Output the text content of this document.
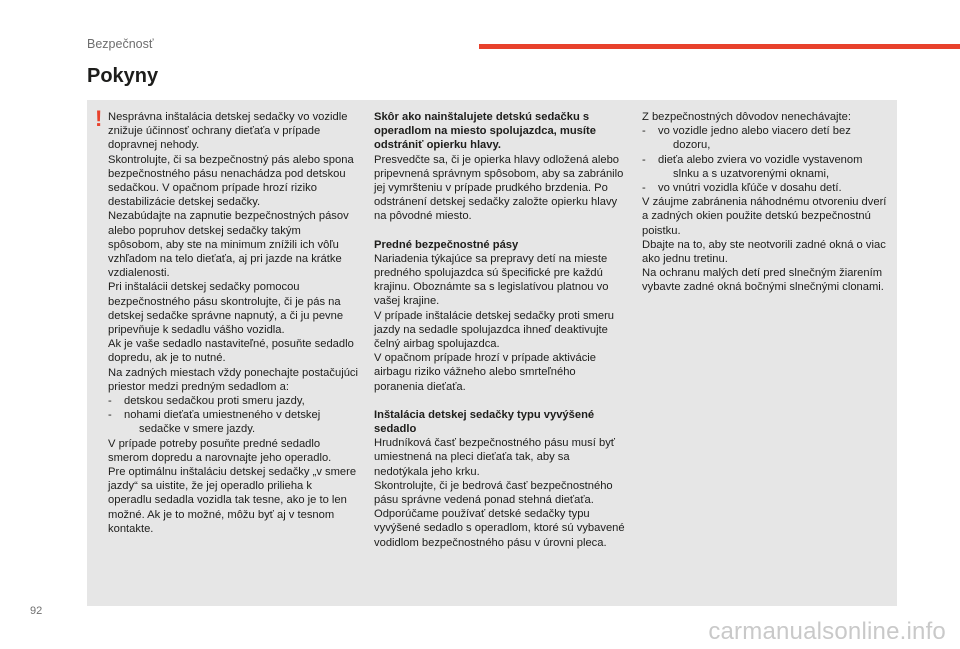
Bezpečnosť
Pokyny
! Nesprávna inštalácia detskej sedačky vo vozidle znižuje účinnosť ochrany dieťaťa v prípade dopravnej nehody.

Skontrolujte, či sa bezpečnostný pás alebo spona bezpečnostného pásu nenachádza pod detskou sedačkou. V opačnom prípade hrozí riziko destabilizácie detskej sedačky.

Nezabúdajte na zapnutie bezpečnostných pásov alebo popruhov detskej sedačky takým spôsobom, aby ste na minimum znížili ich vôľu vzhľadom na telo dieťaťa, aj pri jazde na krátke vzdialenosti.

Pri inštalácii detskej sedačky pomocou bezpečnostného pásu skontrolujte, či je pás na detskej sedačke správne napnutý, a či ju pevne pripevňuje k sedadlu vášho vozidla.

Ak je vaše sedadlo nastaviteľné, posuňte sedadlo dopredu, ak je to nutné.

Na zadných miestach vždy ponechajte postačujúci priestor medzi predným sedadlom a:

-	detskou sedačkou proti smeru jazdy,
-	nohami dieťaťa umiestneného v detskej

sedačke v smere jazdy.

V prípade potreby posuňte predné sedadlo smerom dopredu a narovnajte jeho operadlo.

Pre optimálnu inštaláciu detskej sedačky „v smere jazdy“ sa uistite, že jej operadlo prilieha k operadlu sedadla vozidla tak tesne, ako je to len možné. Ak je to možné, môžu byť aj v tesnom kontakte.

Skôr ako nainštalujete detskú sedačku s operadlom na miesto spolujazdca, musíte odstrániť opierku hlavy.

Presvedčte sa, či je opierka hlavy odložená alebo pripevnená správnym spôsobom, aby sa zabránilo jej vymršteniu v prípade prudkého brzdenia. Po odstránení detskej sedačky založte opierku hlavy na pôvodné miesto.

Predné bezpečnostné pásy

Nariadenia týkajúce sa prepravy detí na mieste predného spolujazdca sú špecifické pre každú krajinu. Oboznámte sa s legislatívou platnou vo vašej krajine.

V prípade inštalácie detskej sedačky proti smeru jazdy na sedadle spolujazdca ihneď deaktivujte čelný airbag spolujazdca.

V opačnom prípade hrozí v prípade aktivácie airbagu riziko vážneho alebo smrteľného poranenia dieťaťa.

Inštalácia detskej sedačky typu vyvýšené sedadlo

Hrudníková časť bezpečnostného pásu musí byť umiestnená na pleci dieťaťa tak, aby sa nedotýkala jeho krku.

Skontrolujte, či je bedrová časť bezpečnostného pásu správne vedená ponad stehná dieťaťa.

Odporúčame používať detské sedačky typu vyvýšené sedadlo s operadlom, ktoré sú vybavené vodidlom bezpečnostného pásu v úrovni pleca.

Z bezpečnostných dôvodov nenechávajte:

-	vo vozidle jedno alebo viacero detí bez

dozoru,

-	dieťa alebo zviera vo vozidle vystavenom

slnku a s uzatvorenými oknami,

-	vo vnútri vozidla kľúče v dosahu detí.

V záujme zabránenia náhodnému otvoreniu dverí a zadných okien použite detskú bezpečnostnú poistku.

Dbajte na to, aby ste neotvorili zadné okná o viac ako jednu tretinu.

Na ochranu malých detí pred slnečným žiarením vybavte zadné okná bočnými slnečnými clonami.

92
carmanualsonline.info
